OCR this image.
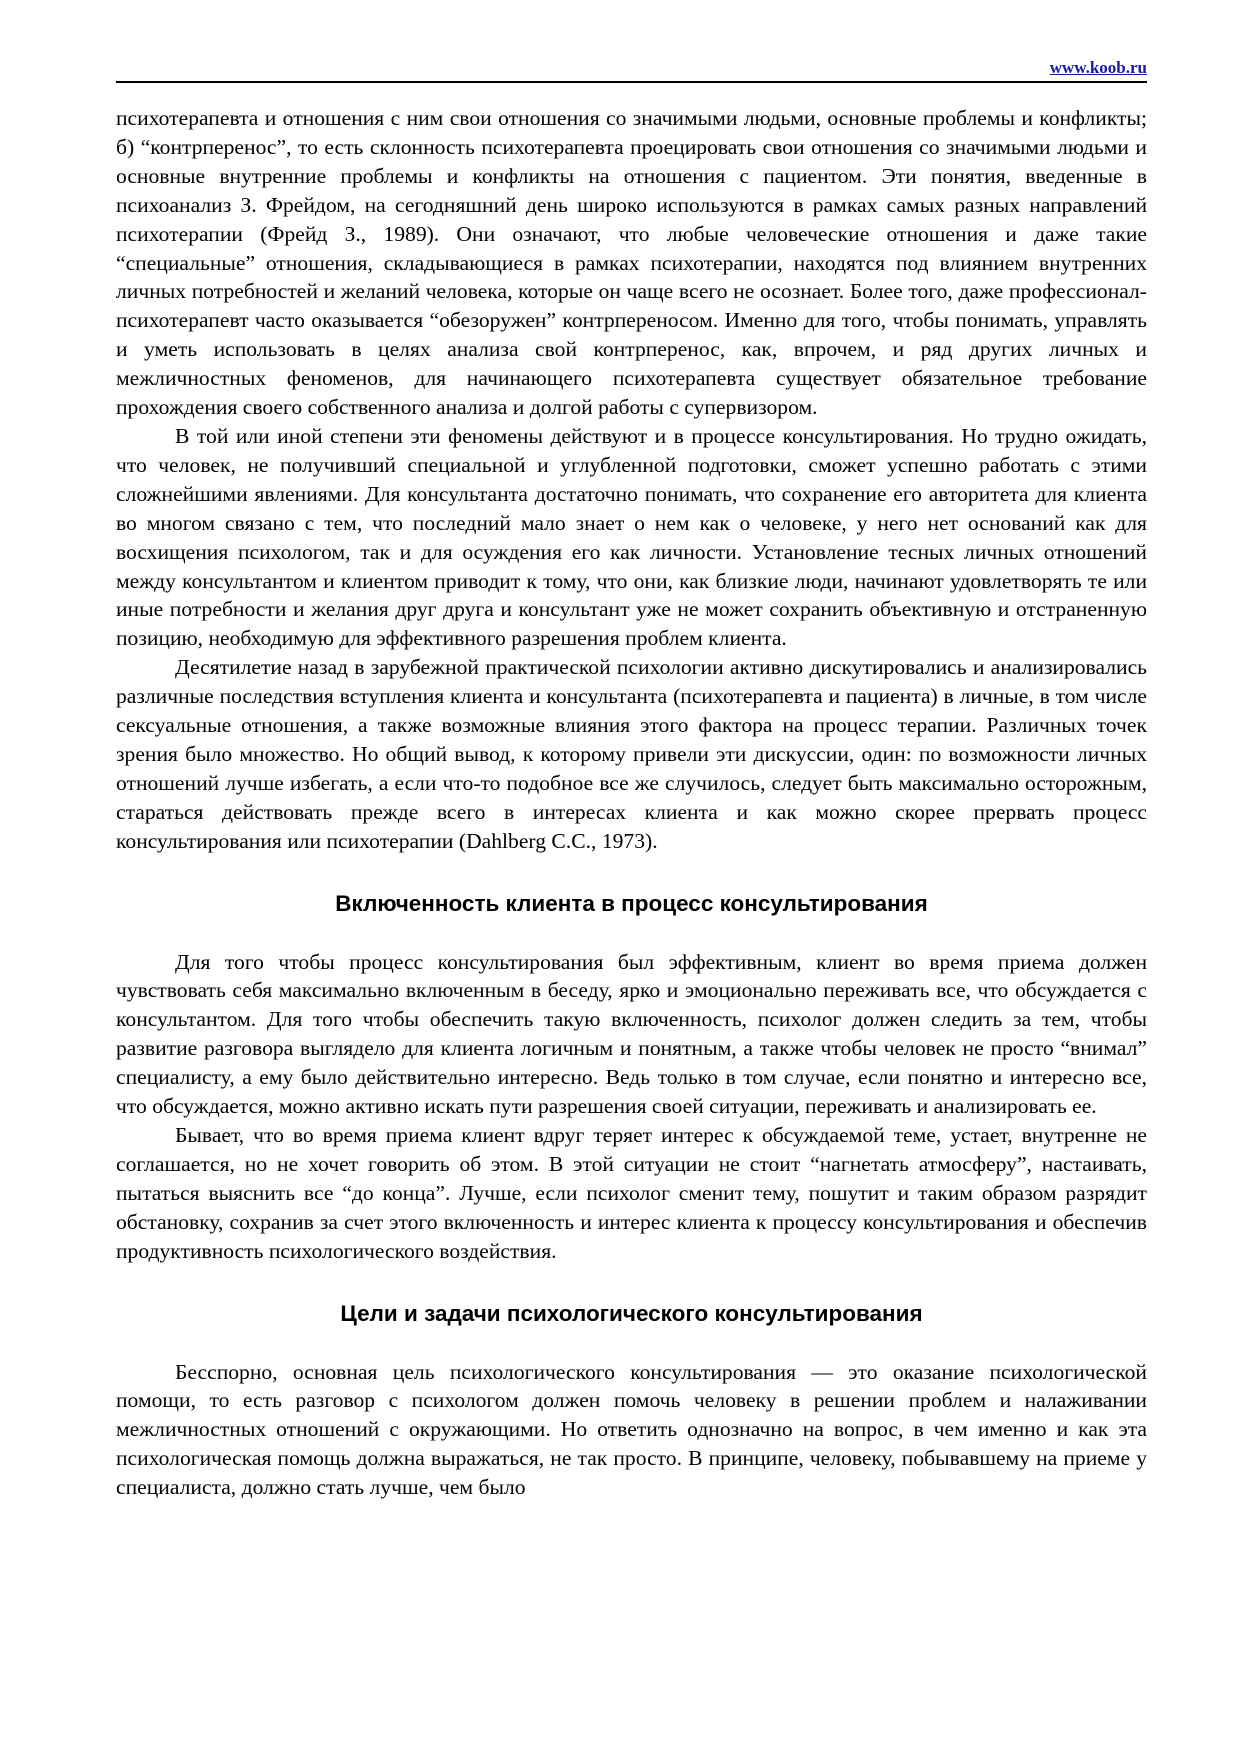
www.koob.ru

психотерапевта и отношения с ним свои отношения со значимыми людьми, основные проблемы и конфликты; б) “контрперенос”, то есть склонность психотерапевта проецировать свои отношения со значимыми людьми и основные внутренние проблемы и конфликты на отношения с пациентом. Эти понятия, введенные в психоанализ З. Фрейдом, на сегодняшний день широко используются в рамках самых разных направлений психотерапии (Фрейд З., 1989). Они означают, что любые человеческие отношения и даже такие “специальные” отношения, складывающиеся в рамках психотерапии, находятся под влиянием внутренних личных потребностей и желаний человека, которые он чаще всего не осознает. Более того, даже профессионал-психотерапевт часто оказывается “обезоружен” контрпереносом. Именно для того, чтобы понимать, управлять и уметь использовать в целях анализа свой контрперенос, как, впрочем, и ряд других личных и межличностных феноменов, для начинающего психотерапевта существует обязательное требование прохождения своего собственного анализа и долгой работы с супервизором.

В той или иной степени эти феномены действуют и в процессе консультирования. Но трудно ожидать, что человек, не получивший специальной и углубленной подготовки, сможет успешно работать с этими сложнейшими явлениями. Для консультанта достаточно понимать, что сохранение его авторитета для клиента во многом связано с тем, что последний мало знает о нем как о человеке, у него нет оснований как для восхищения психологом, так и для осуждения его как личности. Установление тесных личных отношений между консультантом и клиентом приводит к тому, что они, как близкие люди, начинают удовлетворять те или иные потребности и желания друг друга и консультант уже не может сохранить объективную и отстраненную позицию, необходимую для эффективного разрешения проблем клиента.

Десятилетие назад в зарубежной практической психологии активно дискутировались и анализировались различные последствия вступления клиента и консультанта (психотерапевта и пациента) в личные, в том числе сексуальные отношения, а также возможные влияния этого фактора на процесс терапии. Различных точек зрения было множество. Но общий вывод, к которому привели эти дискуссии, один: по возможности личных отношений лучше избегать, а если что-то подобное все же случилось, следует быть максимально осторожным, стараться действовать прежде всего в интересах клиента и как можно скорее прервать процесс консультирования или психотерапии (Dahlberg C.C., 1973).

Включенность клиента в процесс консультирования

Для того чтобы процесс консультирования был эффективным, клиент во время приема должен чувствовать себя максимально включенным в беседу, ярко и эмоционально переживать все, что обсуждается с консультантом. Для того чтобы обеспечить такую включенность, психолог должен следить за тем, чтобы развитие разговора выглядело для клиента логичным и понятным, а также чтобы человек не просто “внимал” специалисту, а ему было действительно интересно. Ведь только в том случае, если понятно и интересно все, что обсуждается, можно активно искать пути разрешения своей ситуации, переживать и анализировать ее.

Бывает, что во время приема клиент вдруг теряет интерес к обсуждаемой теме, устает, внутренне не соглашается, но не хочет говорить об этом. В этой ситуации не стоит “нагнетать атмосферу”, настаивать, пытаться выяснить все “до конца”. Лучше, если психолог сменит тему, пошутит и таким образом разрядит обстановку, сохранив за счет этого включенность и интерес клиента к процессу консультирования и обеспечив продуктивность психологического воздействия.

Цели и задачи психологического консультирования

Бесспорно, основная цель психологического консультирования — это оказание психологической помощи, то есть разговор с психологом должен помочь человеку в решении проблем и налаживании межличностных отношений с окружающими. Но ответить однозначно на вопрос, в чем именно и как эта психологическая помощь должна выражаться, не так просто. В принципе, человеку, побывавшему на приеме у специалиста, должно стать лучше, чем было
